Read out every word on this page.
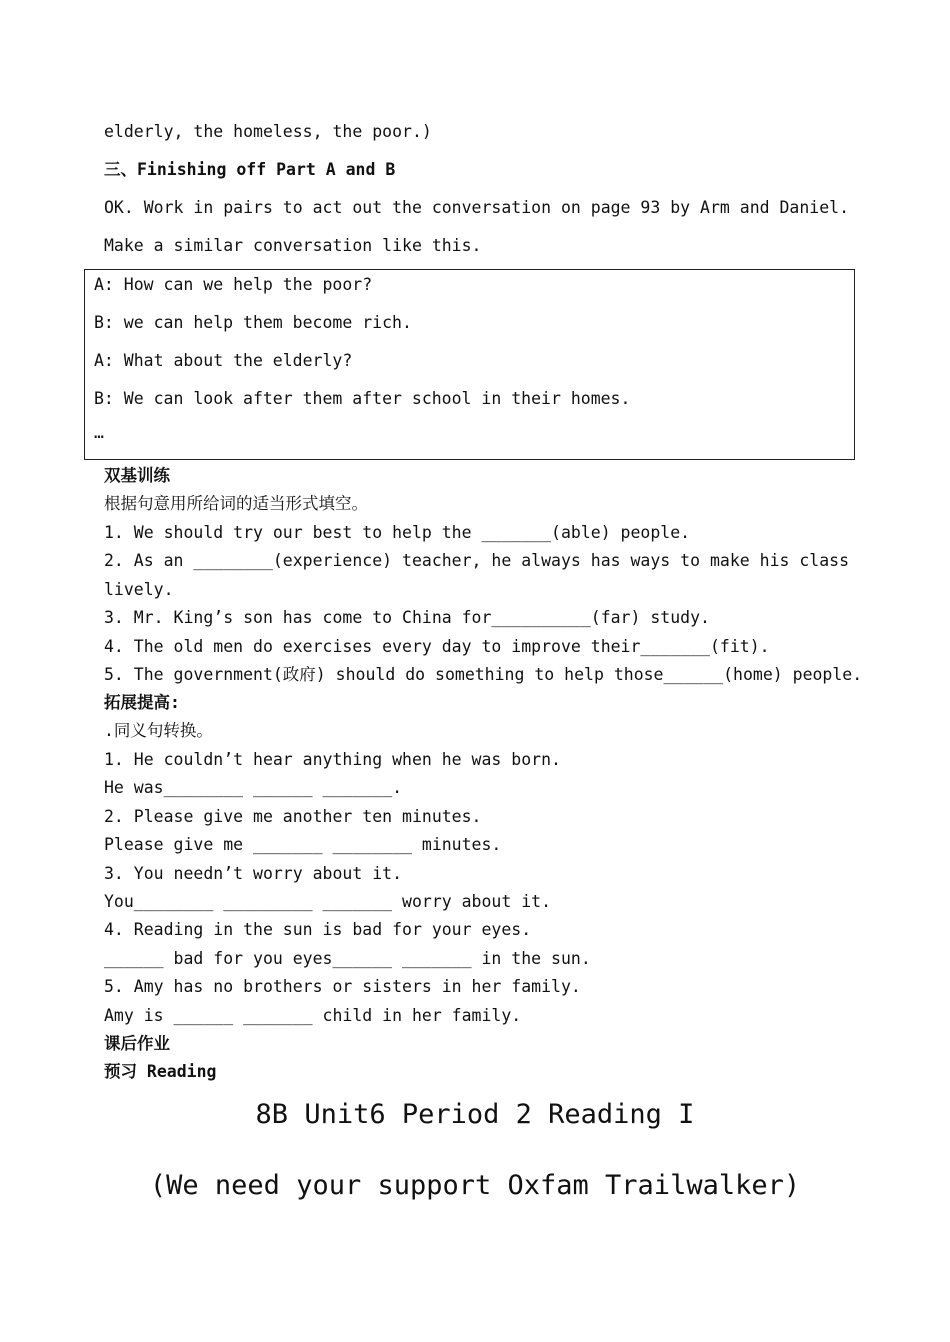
elderly, the homeless, the poor.)
三、Finishing off Part A and B
OK. Work in pairs to act out the conversation on page 93 by Arm and Daniel.
Make a similar conversation like this.
A: How can we help the poor?
B: we can help them become rich.
A: What about the elderly?
B: We can look after them after school in their homes.
…
双基训练
根据句意用所给词的适当形式填空。
1. We should try our best to help the _______(able) people.
2. As an ________(experience) teacher, he always has ways to make his class
lively.
3. Mr. King’s son has come to China for__________(far) study.
4. The old men do exercises every day to improve their_______(fit).
5. The government(政府) should do something to help those______(home) people.
拓展提高:
.同义句转换。
1. He couldn’t hear anything when he was born.
He was________ ______ _______.
2. Please give me another ten minutes.
Please give me _______ ________ minutes.
3. You needn’t worry about it.
You________ _________ _______ worry about it.
4. Reading in the sun is bad for your eyes.
______ bad for you eyes______ _______ in the sun.
5. Amy has no brothers or sisters in her family.
Amy is ______ _______ child in her family.
课后作业
预习 Reading
8B Unit6 Period 2 Reading I
(We need your support Oxfam Trailwalker)
